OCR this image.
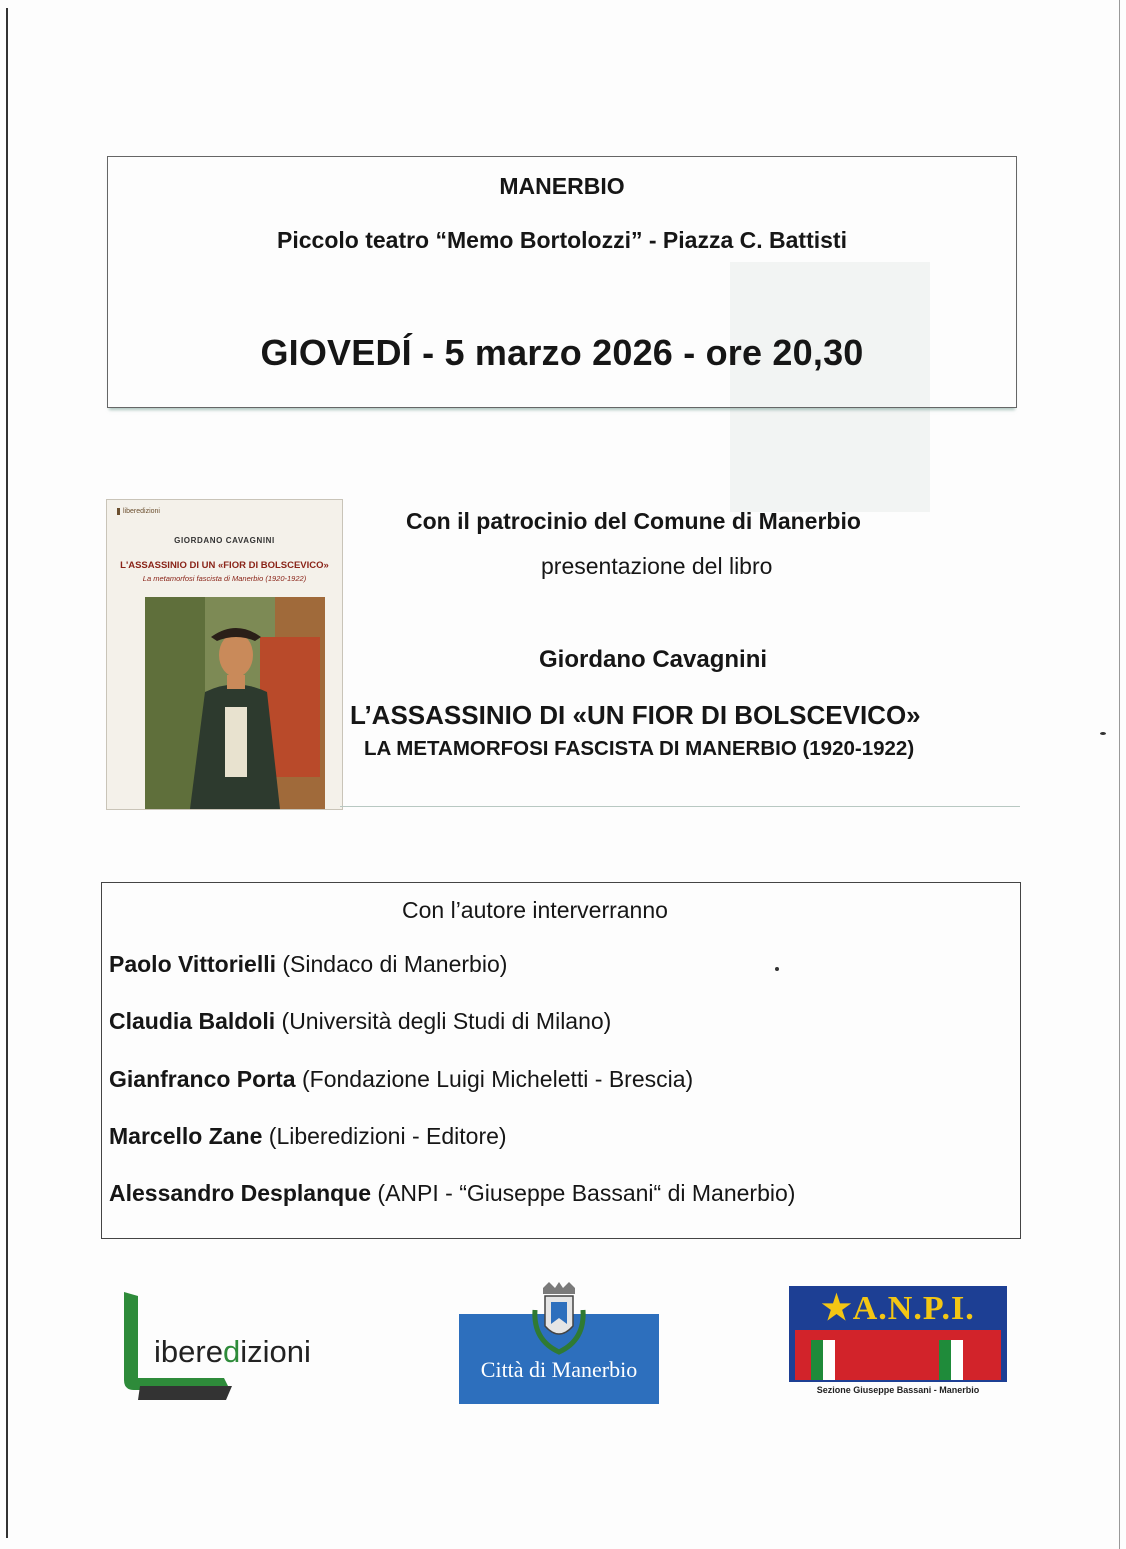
MANERBIO
Piccolo teatro “Memo Bortolozzi” - Piazza C. Battisti
GIOVEDÍ - 5 marzo 2026 - ore 20,30
liberedizioni
GIORDANO CAVAGNINI
L'ASSASSINIO DI UN «FIOR DI BOLSCEVICO»
La metamorfosi fascista di Manerbio (1920-1922)
Con il patrocinio del Comune di Manerbio
presentazione del libro
Giordano Cavagnini
L’ASSASSINIO DI «UN FIOR DI BOLSCEVICO»
LA METAMORFOSI FASCISTA DI MANERBIO (1920-1922)
Con l’autore interverranno
Paolo Vittorielli (Sindaco di Manerbio)
Claudia Baldoli (Università degli Studi di Milano)
Gianfranco Porta (Fondazione Luigi Micheletti - Brescia)
Marcello Zane (Liberedizioni - Editore)
Alessandro Desplanque (ANPI - “Giuseppe Bassani“ di Manerbio)
iberedizioni
Città di Manerbio
★A.N.P.I.
Sezione Giuseppe Bassani - Manerbio
